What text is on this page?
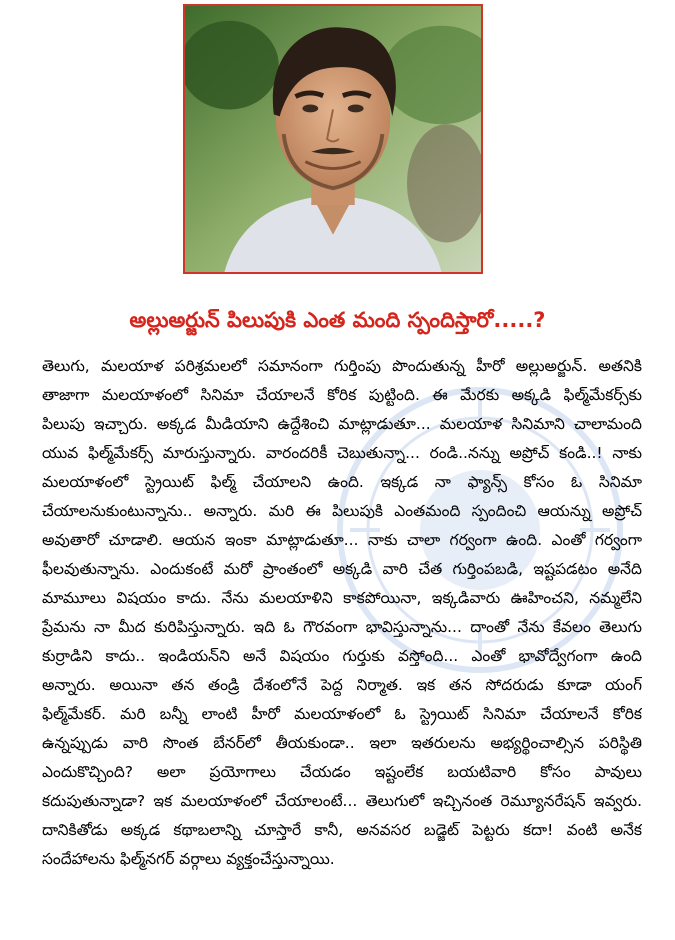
అల్లుఅర్జున్ పిలుపుకి ఎంత మంది స్పందిస్తారో.....?
తెలుగు, మలయాళ పరిశ్రమలలో సమానంగా గుర్తింపు పొందుతున్న హీరో అల్లుఅర్జున్. అతనికి
తాజాగా మలయాళంలో సినిమా చేయాలనే కోరిక పుట్టింది. ఈ మేరకు అక్కడి ఫిల్మ్‌మేకర్స్‌కు
పిలుపు ఇచ్చారు. అక్కడ మీడియాని ఉద్దేశించి మాట్లాడుతూ... మలయాళ సినిమాని చాలామంది
యువ ఫిల్మ్‌మేకర్స్ మారుస్తున్నారు. వారందరికీ చెబుతున్నా... రండి..నన్ను అప్రోచ్ కండి..! నాకు
మలయాళంలో స్ట్రెయిట్ ఫిల్మ్ చేయాలని ఉంది. ఇక్కడ నా ఫ్యాన్స్ కోసం ఓ సినిమా
చేయాలనుకుంటున్నాను.. అన్నారు. మరి ఈ పిలుపుకి ఎంతమంది స్పందించి ఆయన్ను అప్రోచ్
అవుతారో చూడాలి. ఆయన ఇంకా మాట్లాడుతూ... నాకు చాలా గర్వంగా ఉంది. ఎంతో గర్వంగా
ఫీలవుతున్నాను. ఎందుకంటే మరో ప్రాంతంలో అక్కడి వారి చేత గుర్తింపబడి, ఇష్టపడటం అనేది
మామూలు విషయం కాదు. నేను మలయాళిని కాకపోయినా, ఇక్కడివారు ఊహించని, నమ్మలేని
ప్రేమను నా మీద కురిపిస్తున్నారు. ఇది ఓ గౌరవంగా భావిస్తున్నాను... దాంతో నేను కేవలం తెలుగు
కుర్రాడిని కాదు.. ఇండియన్‌ని అనే విషయం గుర్తుకు వస్తోంది... ఎంతో భావోద్వేగంగా ఉంది
అన్నారు. అయినా తన తండ్రి దేశంలోనే పెద్ద నిర్మాత. ఇక తన సోదరుడు కూడా యంగ్
ఫిల్మ్‌మేకర్. మరి బన్నీ లాంటి హీరో మలయాళంలో ఓ స్ట్రెయిట్ సినిమా చేయాలనే కోరిక
ఉన్నప్పుడు వారి సొంత బేనర్‌లో తీయకుండా.. ఇలా ఇతరులను అభ్యర్థించాల్సిన పరిస్థితి
ఎందుకొచ్చింది? అలా ప్రయోగాలు చేయడం ఇష్టంలేక బయటివారి కోసం పావులు
కదుపుతున్నాడా? ఇక మలయాళంలో చేయాలంటే... తెలుగులో ఇచ్చినంత రెమ్యూనరేషన్ ఇవ్వరు.
దానికితోడు అక్కడ కథాబలాన్ని చూస్తారే కానీ, అనవసర బడ్జెట్ పెట్టరు కదా! వంటి అనేక
సందేహాలను ఫిల్మ్‌నగర్ వర్గాలు వ్యక్తంచేస్తున్నాయి.
